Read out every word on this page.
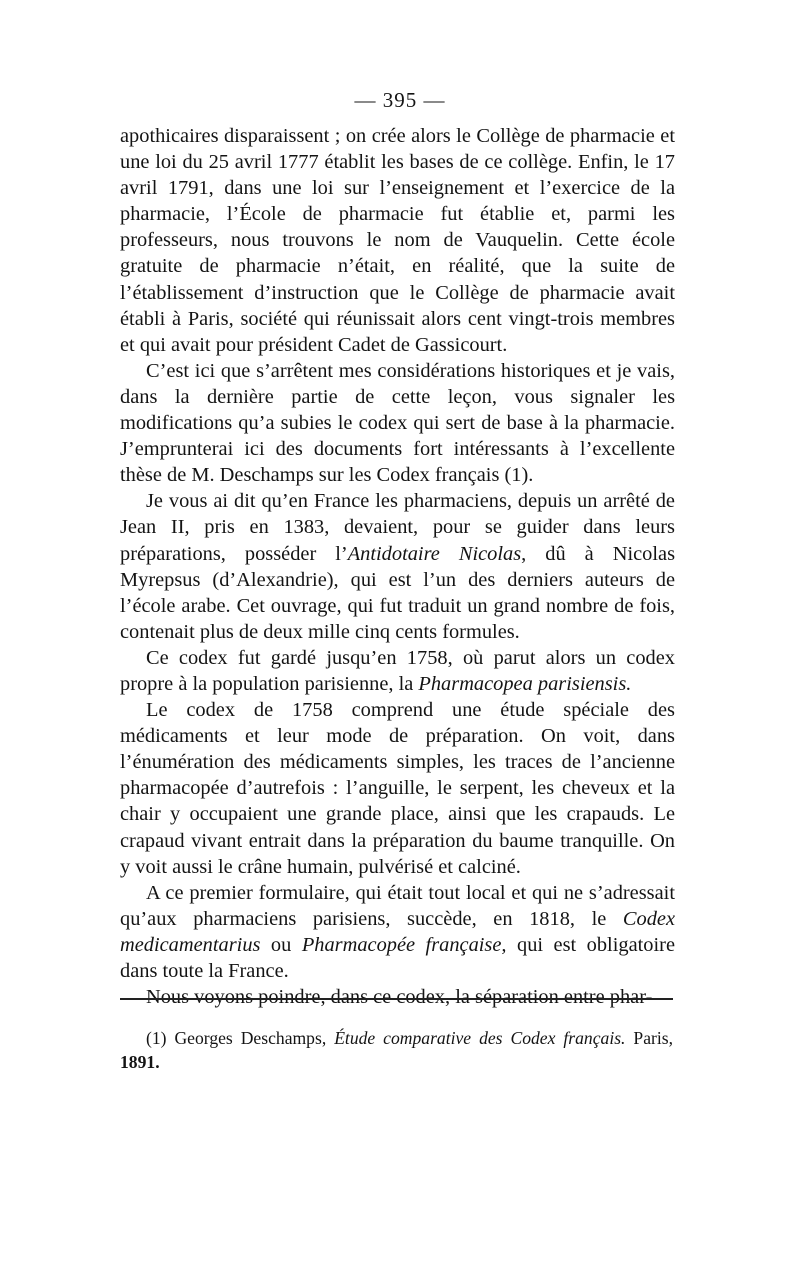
— 395 —

apothicaires disparaissent ; on crée alors le Collège de pharmacie et une loi du 25 avril 1777 établit les bases de ce collège. Enfin, le 17 avril 1791, dans une loi sur l’enseignement et l’exercice de la pharmacie, l’École de pharmacie fut établie et, parmi les professeurs, nous trouvons le nom de Vauquelin. Cette école gratuite de pharmacie n’était, en réalité, que la suite de l’établissement d’instruction que le Collège de pharmacie avait établi à Paris, société qui réunissait alors cent vingt-trois membres et qui avait pour président Cadet de Gassicourt.

C’est ici que s’arrêtent mes considérations historiques et je vais, dans la dernière partie de cette leçon, vous signaler les modifications qu’a subies le codex qui sert de base à la pharmacie. J’emprunterai ici des documents fort intéressants à l’excellente thèse de M. Deschamps sur les Codex français (1).

Je vous ai dit qu’en France les pharmaciens, depuis un arrêté de Jean II, pris en 1383, devaient, pour se guider dans leurs préparations, posséder l’Antidotaire Nicolas, dû à Nicolas Myrepsus (d’Alexandrie), qui est l’un des derniers auteurs de l’école arabe. Cet ouvrage, qui fut traduit un grand nombre de fois, contenait plus de deux mille cinq cents formules.

Ce codex fut gardé jusqu’en 1758, où parut alors un codex propre à la population parisienne, la Pharmacopea parisiensis.

Le codex de 1758 comprend une étude spéciale des médicaments et leur mode de préparation. On voit, dans l’énumération des médicaments simples, les traces de l’ancienne pharmacopée d’autrefois : l’anguille, le serpent, les cheveux et la chair y occupaient une grande place, ainsi que les crapauds. Le crapaud vivant entrait dans la préparation du baume tranquille. On y voit aussi le crâne humain, pulvérisé et calciné.

A ce premier formulaire, qui était tout local et qui ne s’adressait qu’aux pharmaciens parisiens, succède, en 1818, le Codex medicamentarius ou Pharmacopée française, qui est obligatoire dans toute la France.

Nous voyons poindre, dans ce codex, la séparation entre phar-

(1) Georges Deschamps, Étude comparative des Codex français. Paris, 1891.
